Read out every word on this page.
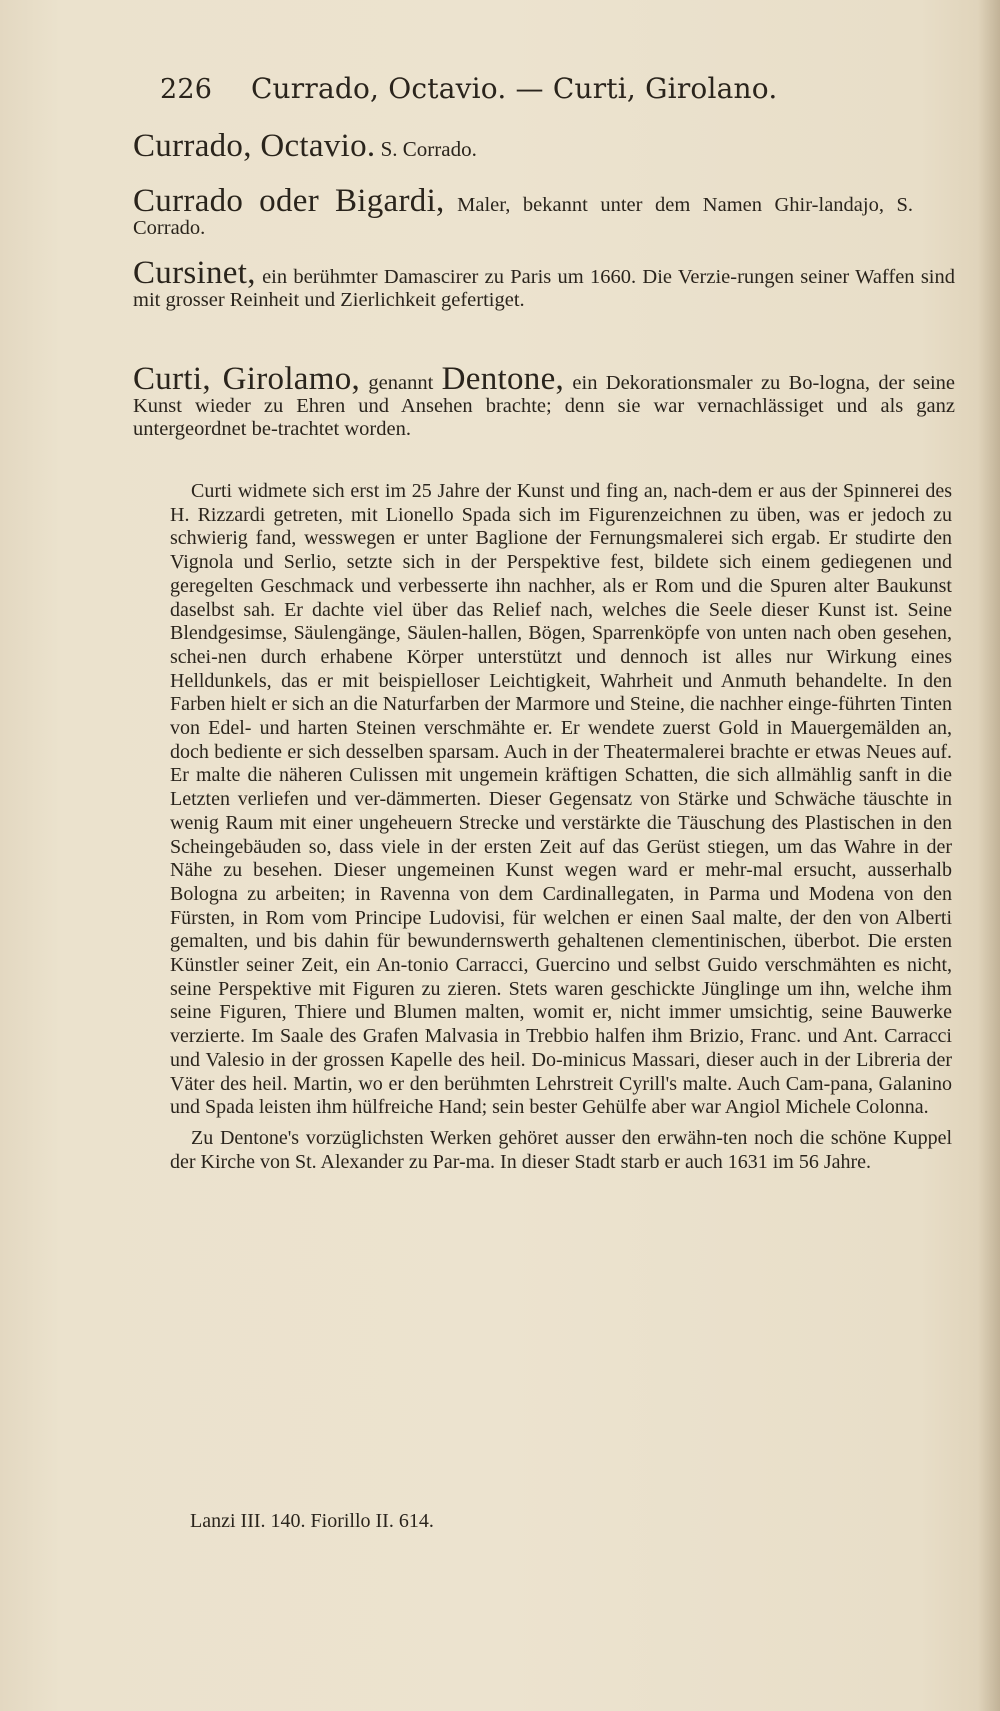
226 Currado, Octavio. — Curti, Girolano.
Currado, Octavio. S. Corrado.
Currado oder Bigardi, Maler, bekannt unter dem Namen Ghir-landajo, S. Corrado.
Cursinet, ein berühmter Damascirer zu Paris um 1660. Die Verzie-rungen seiner Waffen sind mit grosser Reinheit und Zierlichkeit gefertiget.
Curti, Girolamo, genannt Dentone, ein Dekorationsmaler zu Bo-logna, der seine Kunst wieder zu Ehren und Ansehen brachte; denn sie war vernachlässiget und als ganz untergeordnet be-trachtet worden.

Curti widmete sich erst im 25 Jahre der Kunst und fing an, nach-dem er aus der Spinnerei des H. Rizzardi getreten, mit Lionello Spada sich im Figurenzeichnen zu üben, was er jedoch zu schwierig fand, wesswegen er unter Baglione der Fernungsmalerei sich ergab. Er studirte den Vignola und Serlio, setzte sich in der Perspektive fest, bildete sich einem gediegenen und geregelten Geschmack und verbesserte ihn nachher, als er Rom und die Spuren alter Baukunst daselbst sah. Er dachte viel über das Relief nach, welches die Seele dieser Kunst ist. Seine Blendgesimse, Säulengänge, Säulen-hallen, Bögen, Sparrenköpfe von unten nach oben gesehen, schei-nen durch erhabene Körper unterstützt und dennoch ist alles nur Wirkung eines Helldunkels, das er mit beispielloser Leichtigkeit, Wahrheit und Anmuth behandelte. In den Farben hielt er sich an die Naturfarben der Marmore und Steine, die nachher einge-führten Tinten von Edel- und harten Steinen verschmähte er. Er wendete zuerst Gold in Mauergemälden an, doch bediente er sich desselben sparsam. Auch in der Theatermalerei brachte er etwas Neues auf. Er malte die näheren Culissen mit ungemein kräftigen Schatten, die sich allmählig sanft in die Letzten verliefen und ver-dämmerten. Dieser Gegensatz von Stärke und Schwäche täuschte in wenig Raum mit einer ungeheuern Strecke und verstärkte die Täuschung des Plastischen in den Scheingebäuden so, dass viele in der ersten Zeit auf das Gerüst stiegen, um das Wahre in der Nähe zu besehen. Dieser ungemeinen Kunst wegen ward er mehr-mal ersucht, ausserhalb Bologna zu arbeiten; in Ravenna von dem Cardinallegaten, in Parma und Modena von den Fürsten, in Rom vom Principe Ludovisi, für welchen er einen Saal malte, der den von Alberti gemalten, und bis dahin für bewundernswerth gehaltenen clementinischen, überbot. Die ersten Künstler seiner Zeit, ein An-tonio Carracci, Guercino und selbst Guido verschmähten es nicht, seine Perspektive mit Figuren zu zieren. Stets waren geschickte Jünglinge um ihn, welche ihm seine Figuren, Thiere und Blumen malten, womit er, nicht immer umsichtig, seine Bauwerke verzierte. Im Saale des Grafen Malvasia in Trebbio halfen ihm Brizio, Franc. und Ant. Carracci und Valesio in der grossen Kapelle des heil. Do-minicus Massari, dieser auch in der Libreria der Väter des heil. Martin, wo er den berühmten Lehrstreit Cyrill's malte. Auch Cam-pana, Galanino und Spada leisten ihm hülfreiche Hand; sein bester Gehülfe aber war Angiol Michele Colonna.

Zu Dentone's vorzüglichsten Werken gehöret ausser den erwähn-ten noch die schöne Kuppel der Kirche von St. Alexander zu Par-ma. In dieser Stadt starb er auch 1631 im 56 Jahre.

Lanzi III. 140. Fiorillo II. 614.
